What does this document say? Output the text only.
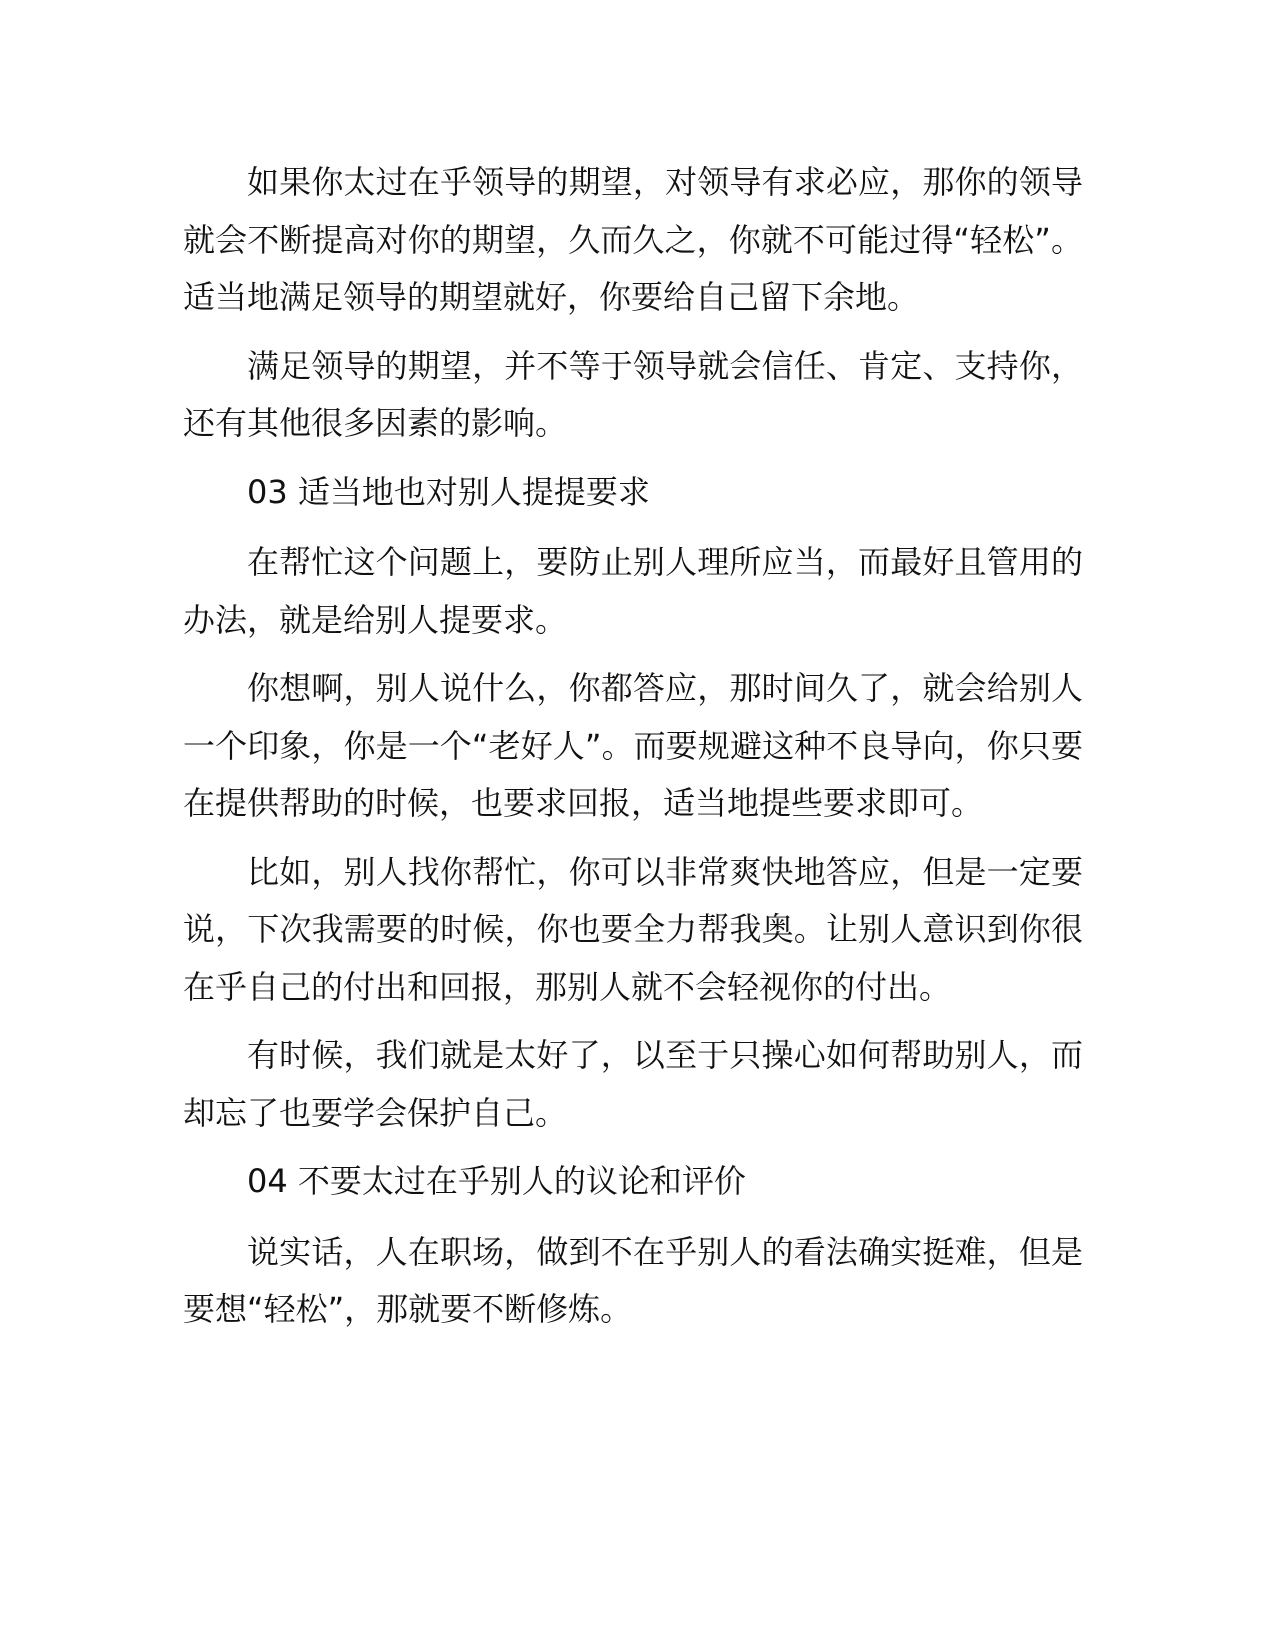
如果你太过在乎领导的期望，对领导有求必应，那你的领导就会不断提高对你的期望，久而久之，你就不可能过得“轻松”。适当地满足领导的期望就好，你要给自己留下余地。

满足领导的期望，并不等于领导就会信任、肯定、支持你，还有其他很多因素的影响。

03 适当地也对别人提提要求

在帮忙这个问题上，要防止别人理所应当，而最好且管用的办法，就是给别人提要求。

你想啊，别人说什么，你都答应，那时间久了，就会给别人一个印象，你是一个“老好人”。而要规避这种不良导向，你只要在提供帮助的时候，也要求回报，适当地提些要求即可。

比如，别人找你帮忙，你可以非常爽快地答应，但是一定要说，下次我需要的时候，你也要全力帮我奥。让别人意识到你很在乎自己的付出和回报，那别人就不会轻视你的付出。

有时候，我们就是太好了，以至于只操心如何帮助别人，而却忘了也要学会保护自己。

04 不要太过在乎别人的议论和评价

说实话，人在职场，做到不在乎别人的看法确实挺难，但是要想“轻松”，那就要不断修炼。
